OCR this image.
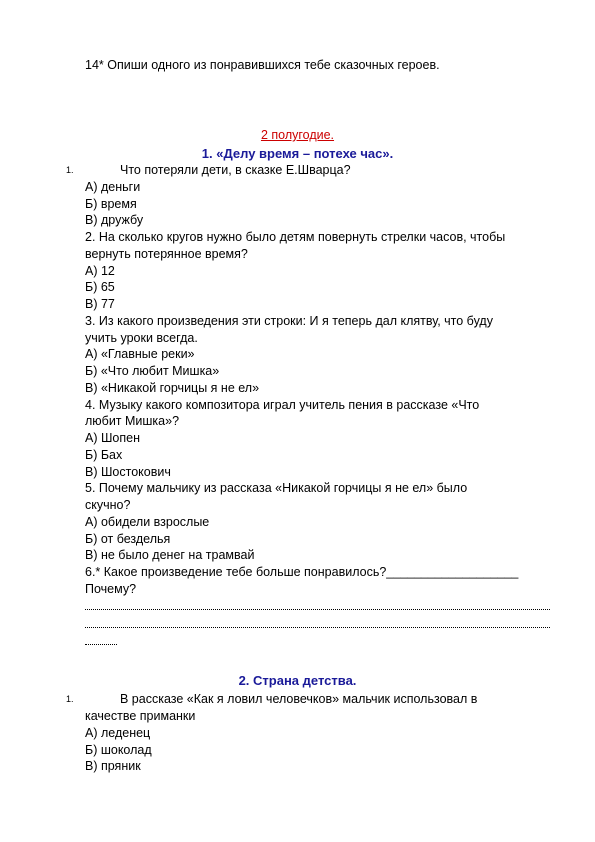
14* Опиши одного из понравившихся тебе сказочных героев.
2 полугодие.
1. «Делу время – потехе час».
1.	Что потеряли дети, в сказке Е.Шварца?
А) деньги
Б) время
В) дружбу
2. На сколько кругов нужно было детям повернуть стрелки часов, чтобы
вернуть потерянное время?
А) 12
Б) 65
В) 77
3. Из какого произведения эти строки: И я теперь дал клятву, что буду
учить уроки всегда.
А) «Главные реки»
Б) «Что любит Мишка»
В) «Никакой горчицы я не ел»
4. Музыку какого композитора играл учитель пения в рассказе «Что
любит Мишка»?
А) Шопен
Б) Бах
В) Шостокович
5. Почему мальчику из рассказа «Никакой горчицы я не ел» было
скучно?
А) обидели взрослые
Б) от безделья
В) не было денег на трамвай
6.* Какое произведение тебе больше понравилось?___________________
Почему?
2. Страна детства.
1.	В рассказе «Как я ловил человечков» мальчик использовал в
качестве приманки
А) леденец
Б) шоколад
В) пряник
